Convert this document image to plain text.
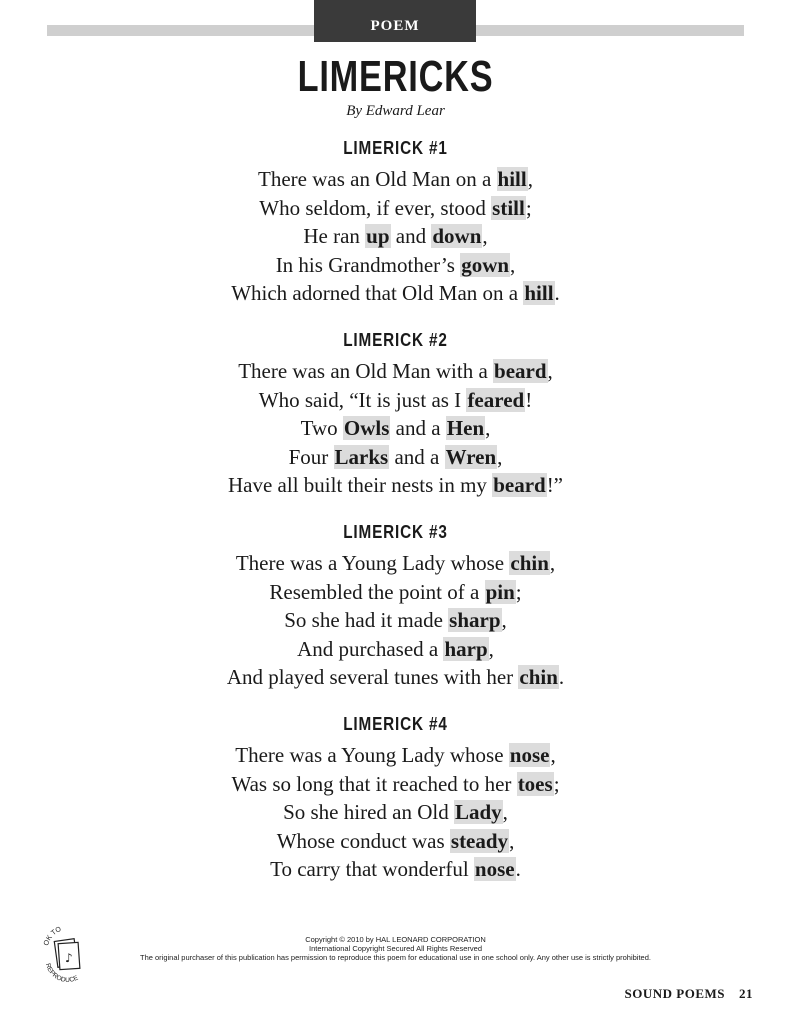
POEM
LIMERICKS
By Edward Lear
LIMERICK #1
There was an Old Man on a hill,
Who seldom, if ever, stood still;
He ran up and down,
In his Grandmother’s gown,
Which adorned that Old Man on a hill.
LIMERICK #2
There was an Old Man with a beard,
Who said, “It is just as I feared!
Two Owls and a Hen,
Four Larks and a Wren,
Have all built their nests in my beard!”
LIMERICK #3
There was a Young Lady whose chin,
Resembled the point of a pin;
So she had it made sharp,
And purchased a harp,
And played several tunes with her chin.
LIMERICK #4
There was a Young Lady whose nose,
Was so long that it reached to her toes;
So she hired an Old Lady,
Whose conduct was steady,
To carry that wonderful nose.
♪
OK TO
REPRODUCE
Copyright © 2010 by HAL LEONARD CORPORATION
International Copyright Secured All Rights Reserved
The original purchaser of this publication has permission to reproduce this poem for educational use in one school only. Any other use is strictly prohibited.
SOUND POEMS 21
